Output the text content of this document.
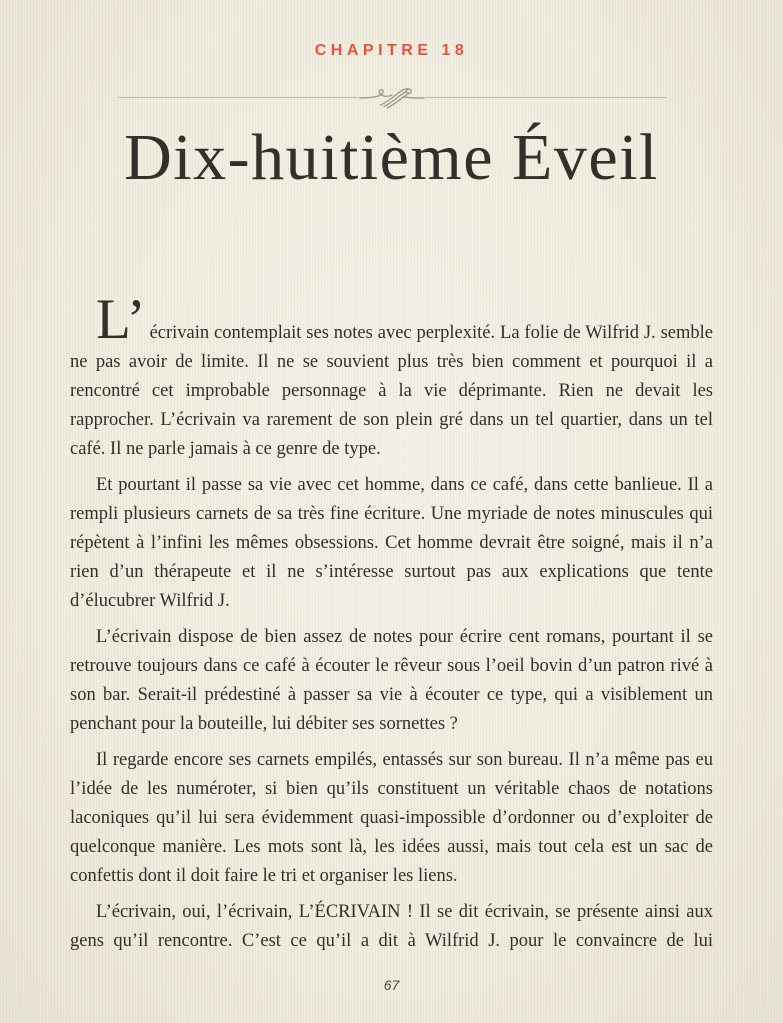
CHAPITRE 18
Dix-huitième Éveil

L’ écrivain contemplait ses notes avec perplexité. La folie de Wilfrid J. semble ne pas avoir de limite. Il ne se souvient plus très bien comment et pourquoi il a rencontré cet improbable personnage à la vie déprimante. Rien ne devait les rapprocher. L’écrivain va rarement de son plein gré dans un tel quartier, dans un tel café. Il ne parle jamais à ce genre de type.

Et pourtant il passe sa vie avec cet homme, dans ce café, dans cette banlieue. Il a rempli plusieurs carnets de sa très fine écriture. Une myriade de notes minuscules qui répètent à l’infini les mêmes obsessions. Cet homme devrait être soigné, mais il n’a rien d’un thérapeute et il ne s’intéresse surtout pas aux explications que tente d’élucubrer Wilfrid J.

L’écrivain dispose de bien assez de notes pour écrire cent romans, pourtant il se retrouve toujours dans ce café à écouter le rêveur sous l’oeil bovin d’un patron rivé à son bar. Serait-il prédestiné à passer sa vie à écouter ce type, qui a visiblement un penchant pour la bouteille, lui débiter ses sornettes ?

Il regarde encore ses carnets empilés, entassés sur son bureau. Il n’a même pas eu l’idée de les numéroter, si bien qu’ils constituent un véritable chaos de notations laconiques qu’il lui sera évidemment quasi-impossible d’ordonner ou d’exploiter de quelconque manière. Les mots sont là, les idées aussi, mais tout cela est un sac de confettis dont il doit faire le tri et organiser les liens.

L’écrivain, oui, l’écrivain, L’ÉCRIVAIN ! Il se dit écrivain, se présente ainsi aux gens qu’il rencontre. C’est ce qu’il a dit à Wilfrid J. pour le convaincre de lui

67
